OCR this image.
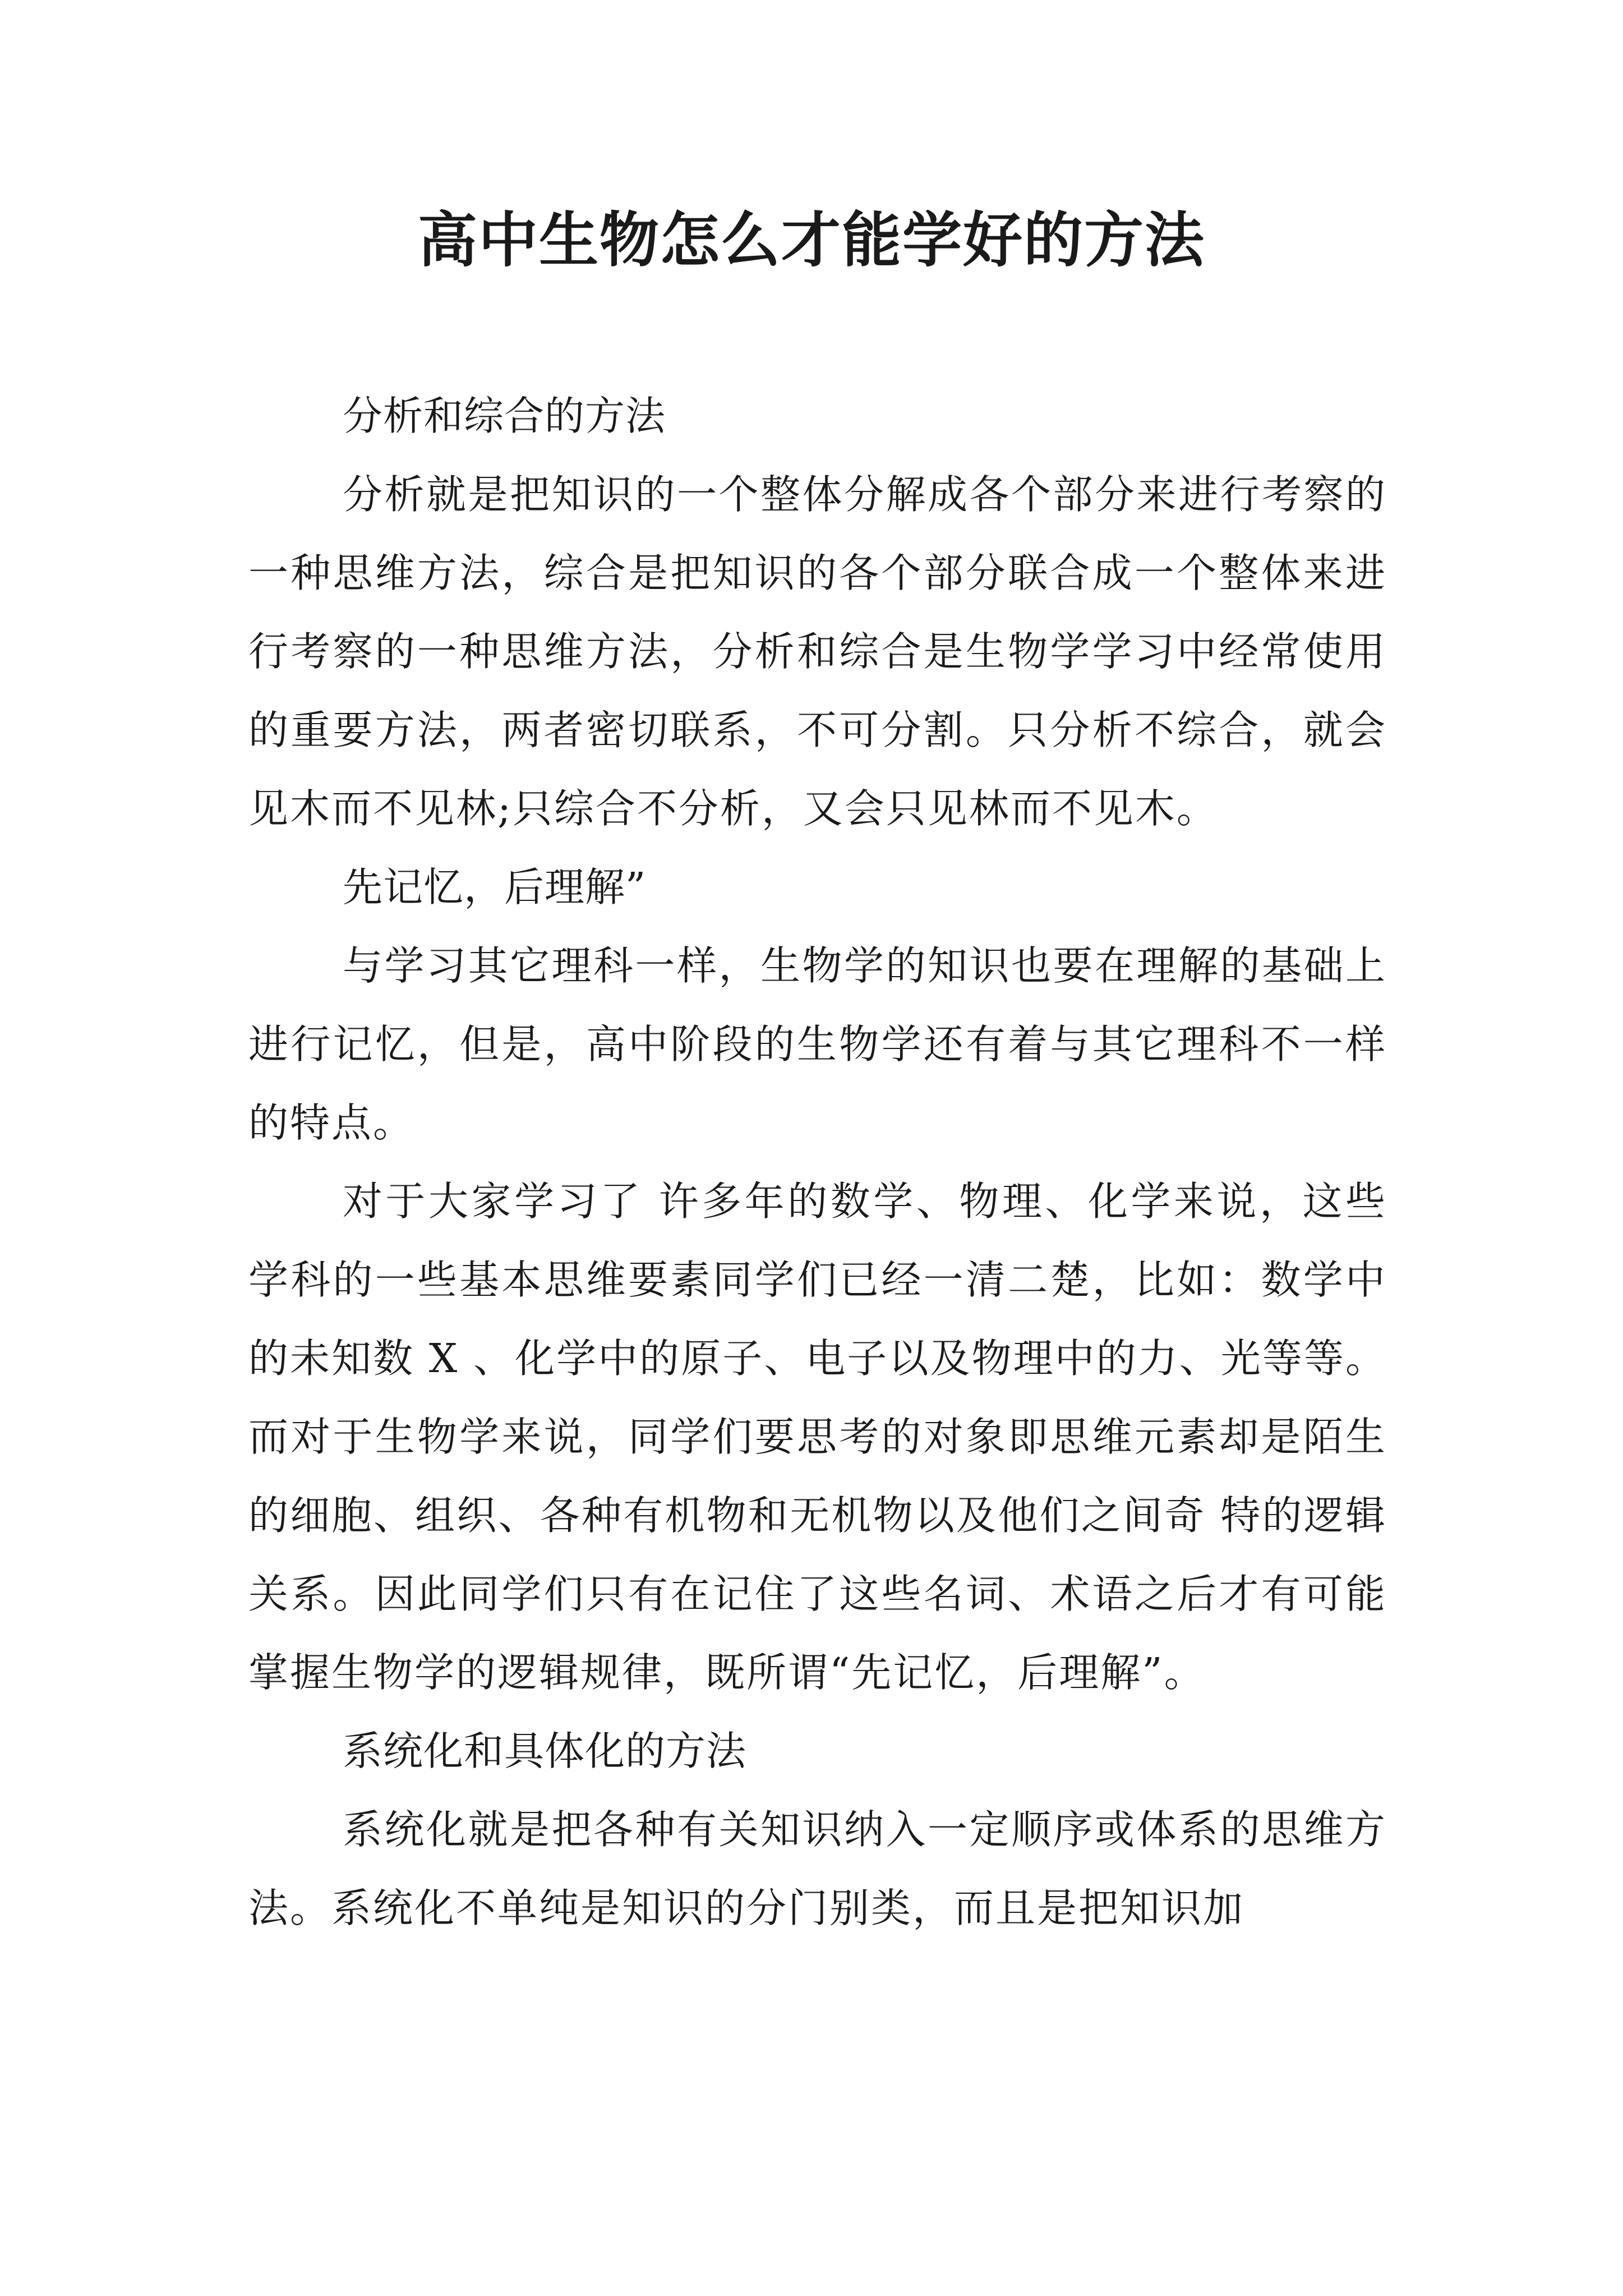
高中生物怎么才能学好的方法

分析和综合的方法

分析就是把知识的一个整体分解成各个部分来进行考察的一种思维方法，综合是把知识的各个部分联合成一个整体来进行考察的一种思维方法，分析和综合是生物学学习中经常使用的重要方法，两者密切联系，不可分割。只分析不综合，就会见木而不见林;只综合不分析，又会只见林而不见木。

先记忆，后理解”

与学习其它理科一样，生物学的知识也要在理解的基础上进行记忆，但是，高中阶段的生物学还有着与其它理科不一样的特点。

对于大家学习了 许多年的数学、物理、化学来说，这些学科的一些基本思维要素同学们已经一清二楚，比如：数学中的未知数 X 、化学中的原子、电子以及物理中的力、光等等。而对于生物学来说，同学们要思考的对象即思维元素却是陌生的细胞、组织、各种有机物和无机物以及他们之间奇 特的逻辑关系。因此同学们只有在记住了这些名词、术语之后才有可能掌握生物学的逻辑规律，既所谓“先记忆，后理解”。

系统化和具体化的方法

系统化就是把各种有关知识纳入一定顺序或体系的思维方法。系统化不单纯是知识的分门别类，而且是把知识加
